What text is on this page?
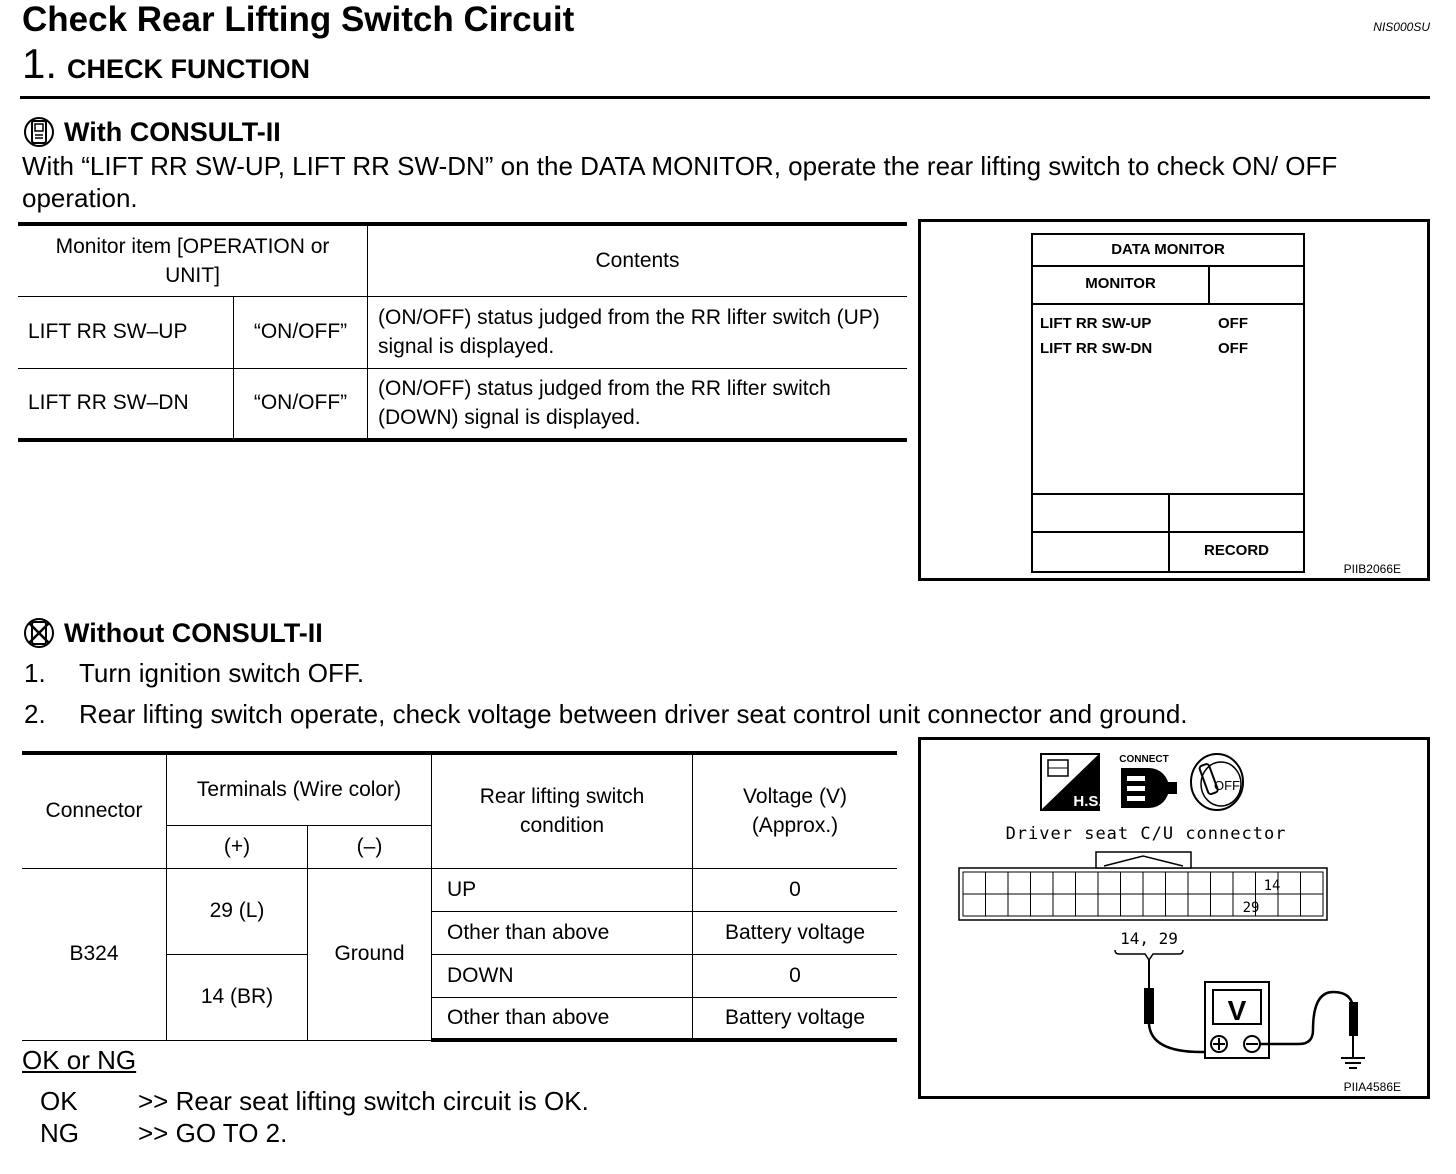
Check Rear Lifting Switch Circuit	NIS000SU
1. CHECK FUNCTION
With CONSULT-II
With “LIFT RR SW-UP, LIFT RR SW-DN” on the DATA MONITOR, operate the rear lifting switch to check ON/ OFF operation.
Monitor item [OPERATION or UNIT]		Contents
LIFT RR SW–UP	“ON/OFF”	(ON/OFF) status judged from the RR lifter switch (UP) signal is displayed.
LIFT RR SW–DN	“ON/OFF”	(ON/OFF) status judged from the RR lifter switch (DOWN) signal is displayed.
DATA MONITOR
MONITOR
LIFT RR SW-UP	OFF
LIFT RR SW-DN	OFF
RECORD
PIIB2066E
Without CONSULT-II
1. Turn ignition switch OFF.
2. Rear lifting switch operate, check voltage between driver seat control unit connector and ground.
Connector	Terminals (Wire color)		Rear lifting switch condition	Voltage (V) (Approx.)
	(+)	(–)		
B324	29 (L)	Ground	UP	0
			Other than above	Battery voltage
	14 (BR)		DOWN	0
			Other than above	Battery voltage
H.S.
CONNECT
OFF
Driver seat C/U connector
14
29
14, 29
V
PIIA4586E
OK or NG
OK >> Rear seat lifting switch circuit is OK.
NG >> GO TO 2.
